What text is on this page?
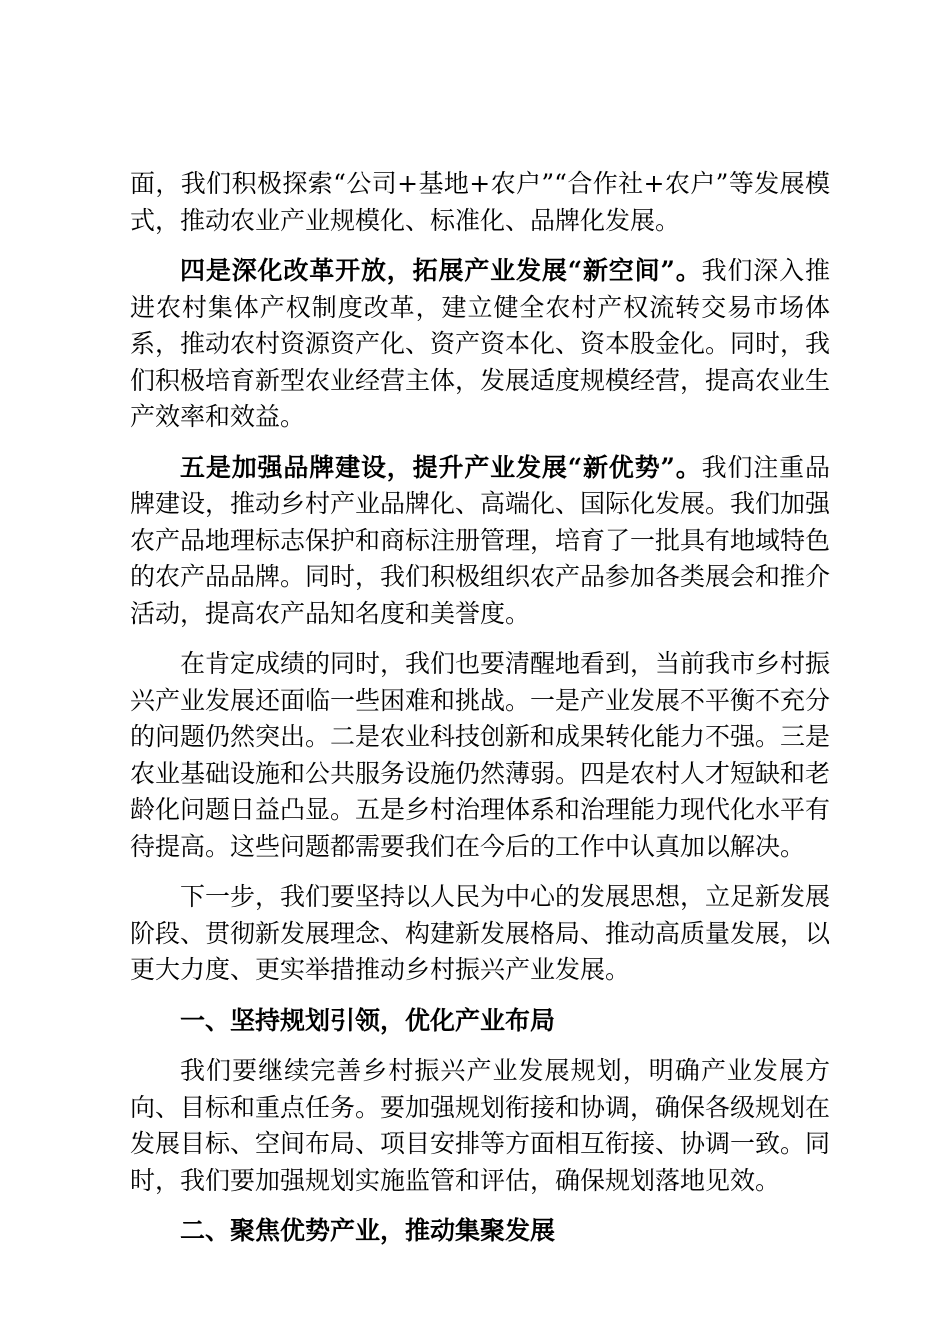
面，我们积极探索“公司+基地+农户”“合作社+农户”等发展模式，推动农业产业规模化、标准化、品牌化发展。

四是深化改革开放，拓展产业发展“新空间”。我们深入推进农村集体产权制度改革，建立健全农村产权流转交易市场体系，推动农村资源资产化、资产资本化、资本股金化。同时，我们积极培育新型农业经营主体，发展适度规模经营，提高农业生产效率和效益。

五是加强品牌建设，提升产业发展“新优势”。我们注重品牌建设，推动乡村产业品牌化、高端化、国际化发展。我们加强农产品地理标志保护和商标注册管理，培育了一批具有地域特色的农产品品牌。同时，我们积极组织农产品参加各类展会和推介活动，提高农产品知名度和美誉度。

在肯定成绩的同时，我们也要清醒地看到，当前我市乡村振兴产业发展还面临一些困难和挑战。一是产业发展不平衡不充分的问题仍然突出。二是农业科技创新和成果转化能力不强。三是农业基础设施和公共服务设施仍然薄弱。四是农村人才短缺和老龄化问题日益凸显。五是乡村治理体系和治理能力现代化水平有待提高。这些问题都需要我们在今后的工作中认真加以解决。

下一步，我们要坚持以人民为中心的发展思想，立足新发展阶段、贯彻新发展理念、构建新发展格局、推动高质量发展，以更大力度、更实举措推动乡村振兴产业发展。

一、坚持规划引领，优化产业布局

我们要继续完善乡村振兴产业发展规划，明确产业发展方向、目标和重点任务。要加强规划衔接和协调，确保各级规划在发展目标、空间布局、项目安排等方面相互衔接、协调一致。同时，我们要加强规划实施监管和评估，确保规划落地见效。

二、聚焦优势产业，推动集聚发展
